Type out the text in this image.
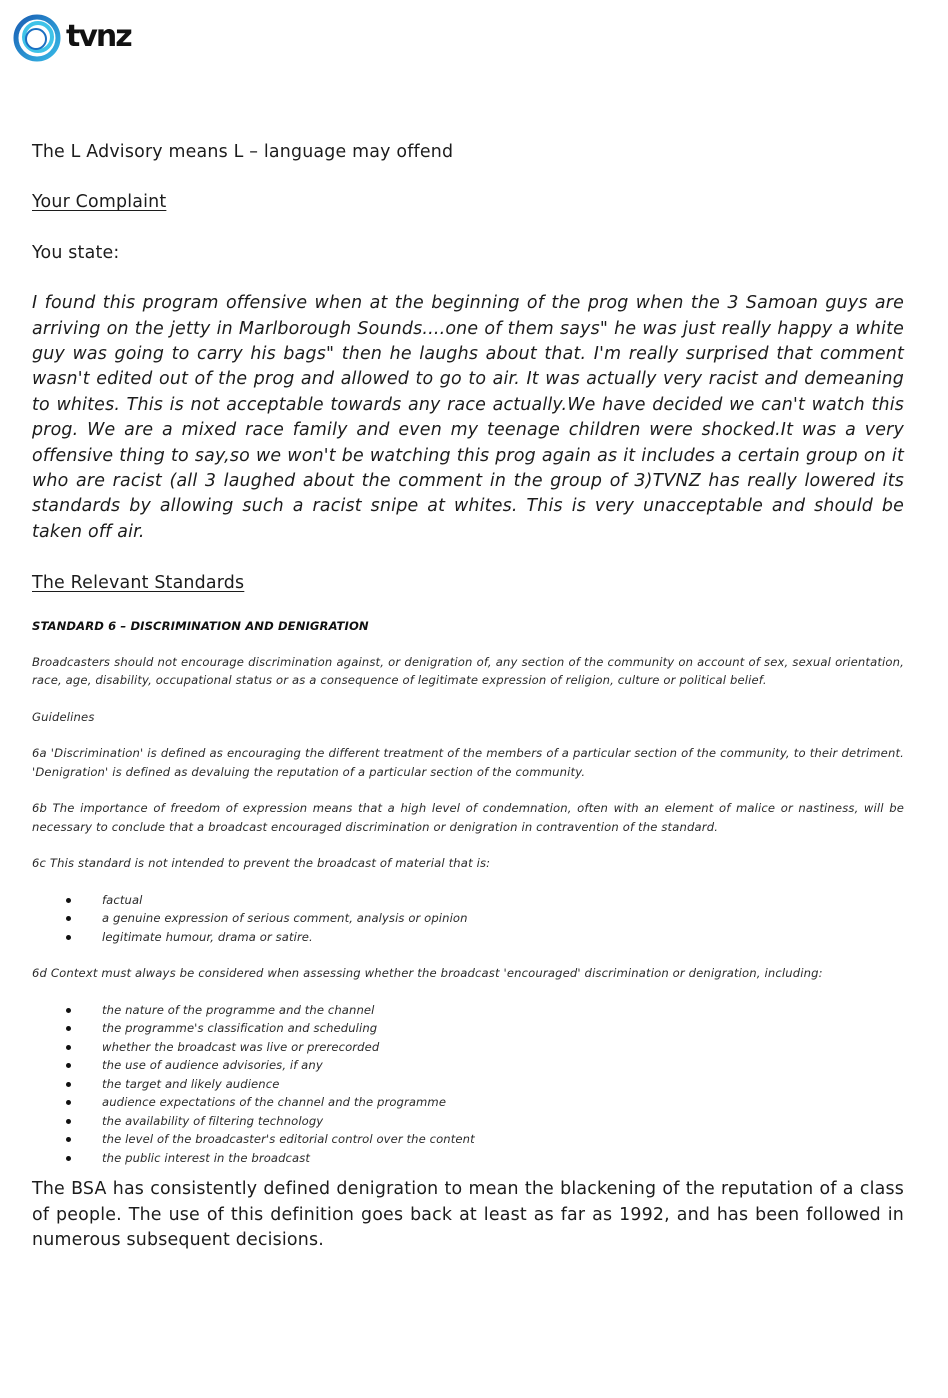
tvnz

The L Advisory means L – language may offend

Your Complaint

You state:

I found this program offensive when at the beginning of the prog when the 3 Samoan guys are arriving on the jetty in Marlborough Sounds....one of them says" he was just really happy a white guy was going to carry his bags" then he laughs about that. I'm really surprised that comment wasn't edited out of the prog and allowed to go to air. It was actually very racist and demeaning to whites. This is not acceptable towards any race actually.We have decided we can't watch this prog. We are a mixed race family and even my teenage children were shocked.It was a very offensive thing to say,so we won't be watching this prog again as it includes a certain group on it who are racist (all 3 laughed about the comment in the group of 3)TVNZ has really lowered its standards by allowing such a racist snipe at whites. This is very unacceptable and should be taken off air.

The Relevant Standards

STANDARD 6 – DISCRIMINATION AND DENIGRATION

Broadcasters should not encourage discrimination against, or denigration of, any section of the community on account of sex, sexual orientation, race, age, disability, occupational status or as a consequence of legitimate expression of religion, culture or political belief.

Guidelines

6a 'Discrimination' is defined as encouraging the different treatment of the members of a particular section of the community, to their detriment. 'Denigration' is defined as devaluing the reputation of a particular section of the community.

6b The importance of freedom of expression means that a high level of condemnation, often with an element of malice or nastiness, will be necessary to conclude that a broadcast encouraged discrimination or denigration in contravention of the standard.

6c This standard is not intended to prevent the broadcast of material that is:

factual
a genuine expression of serious comment, analysis or opinion
legitimate humour, drama or satire.

6d Context must always be considered when assessing whether the broadcast 'encouraged' discrimination or denigration, including:

the nature of the programme and the channel
the programme's classification and scheduling
whether the broadcast was live or prerecorded
the use of audience advisories, if any
the target and likely audience
audience expectations of the channel and the programme
the availability of filtering technology
the level of the broadcaster's editorial control over the content
the public interest in the broadcast

The BSA has consistently defined denigration to mean the blackening of the reputation of a class of people. The use of this definition goes back at least as far as 1992, and has been followed in numerous subsequent decisions.
